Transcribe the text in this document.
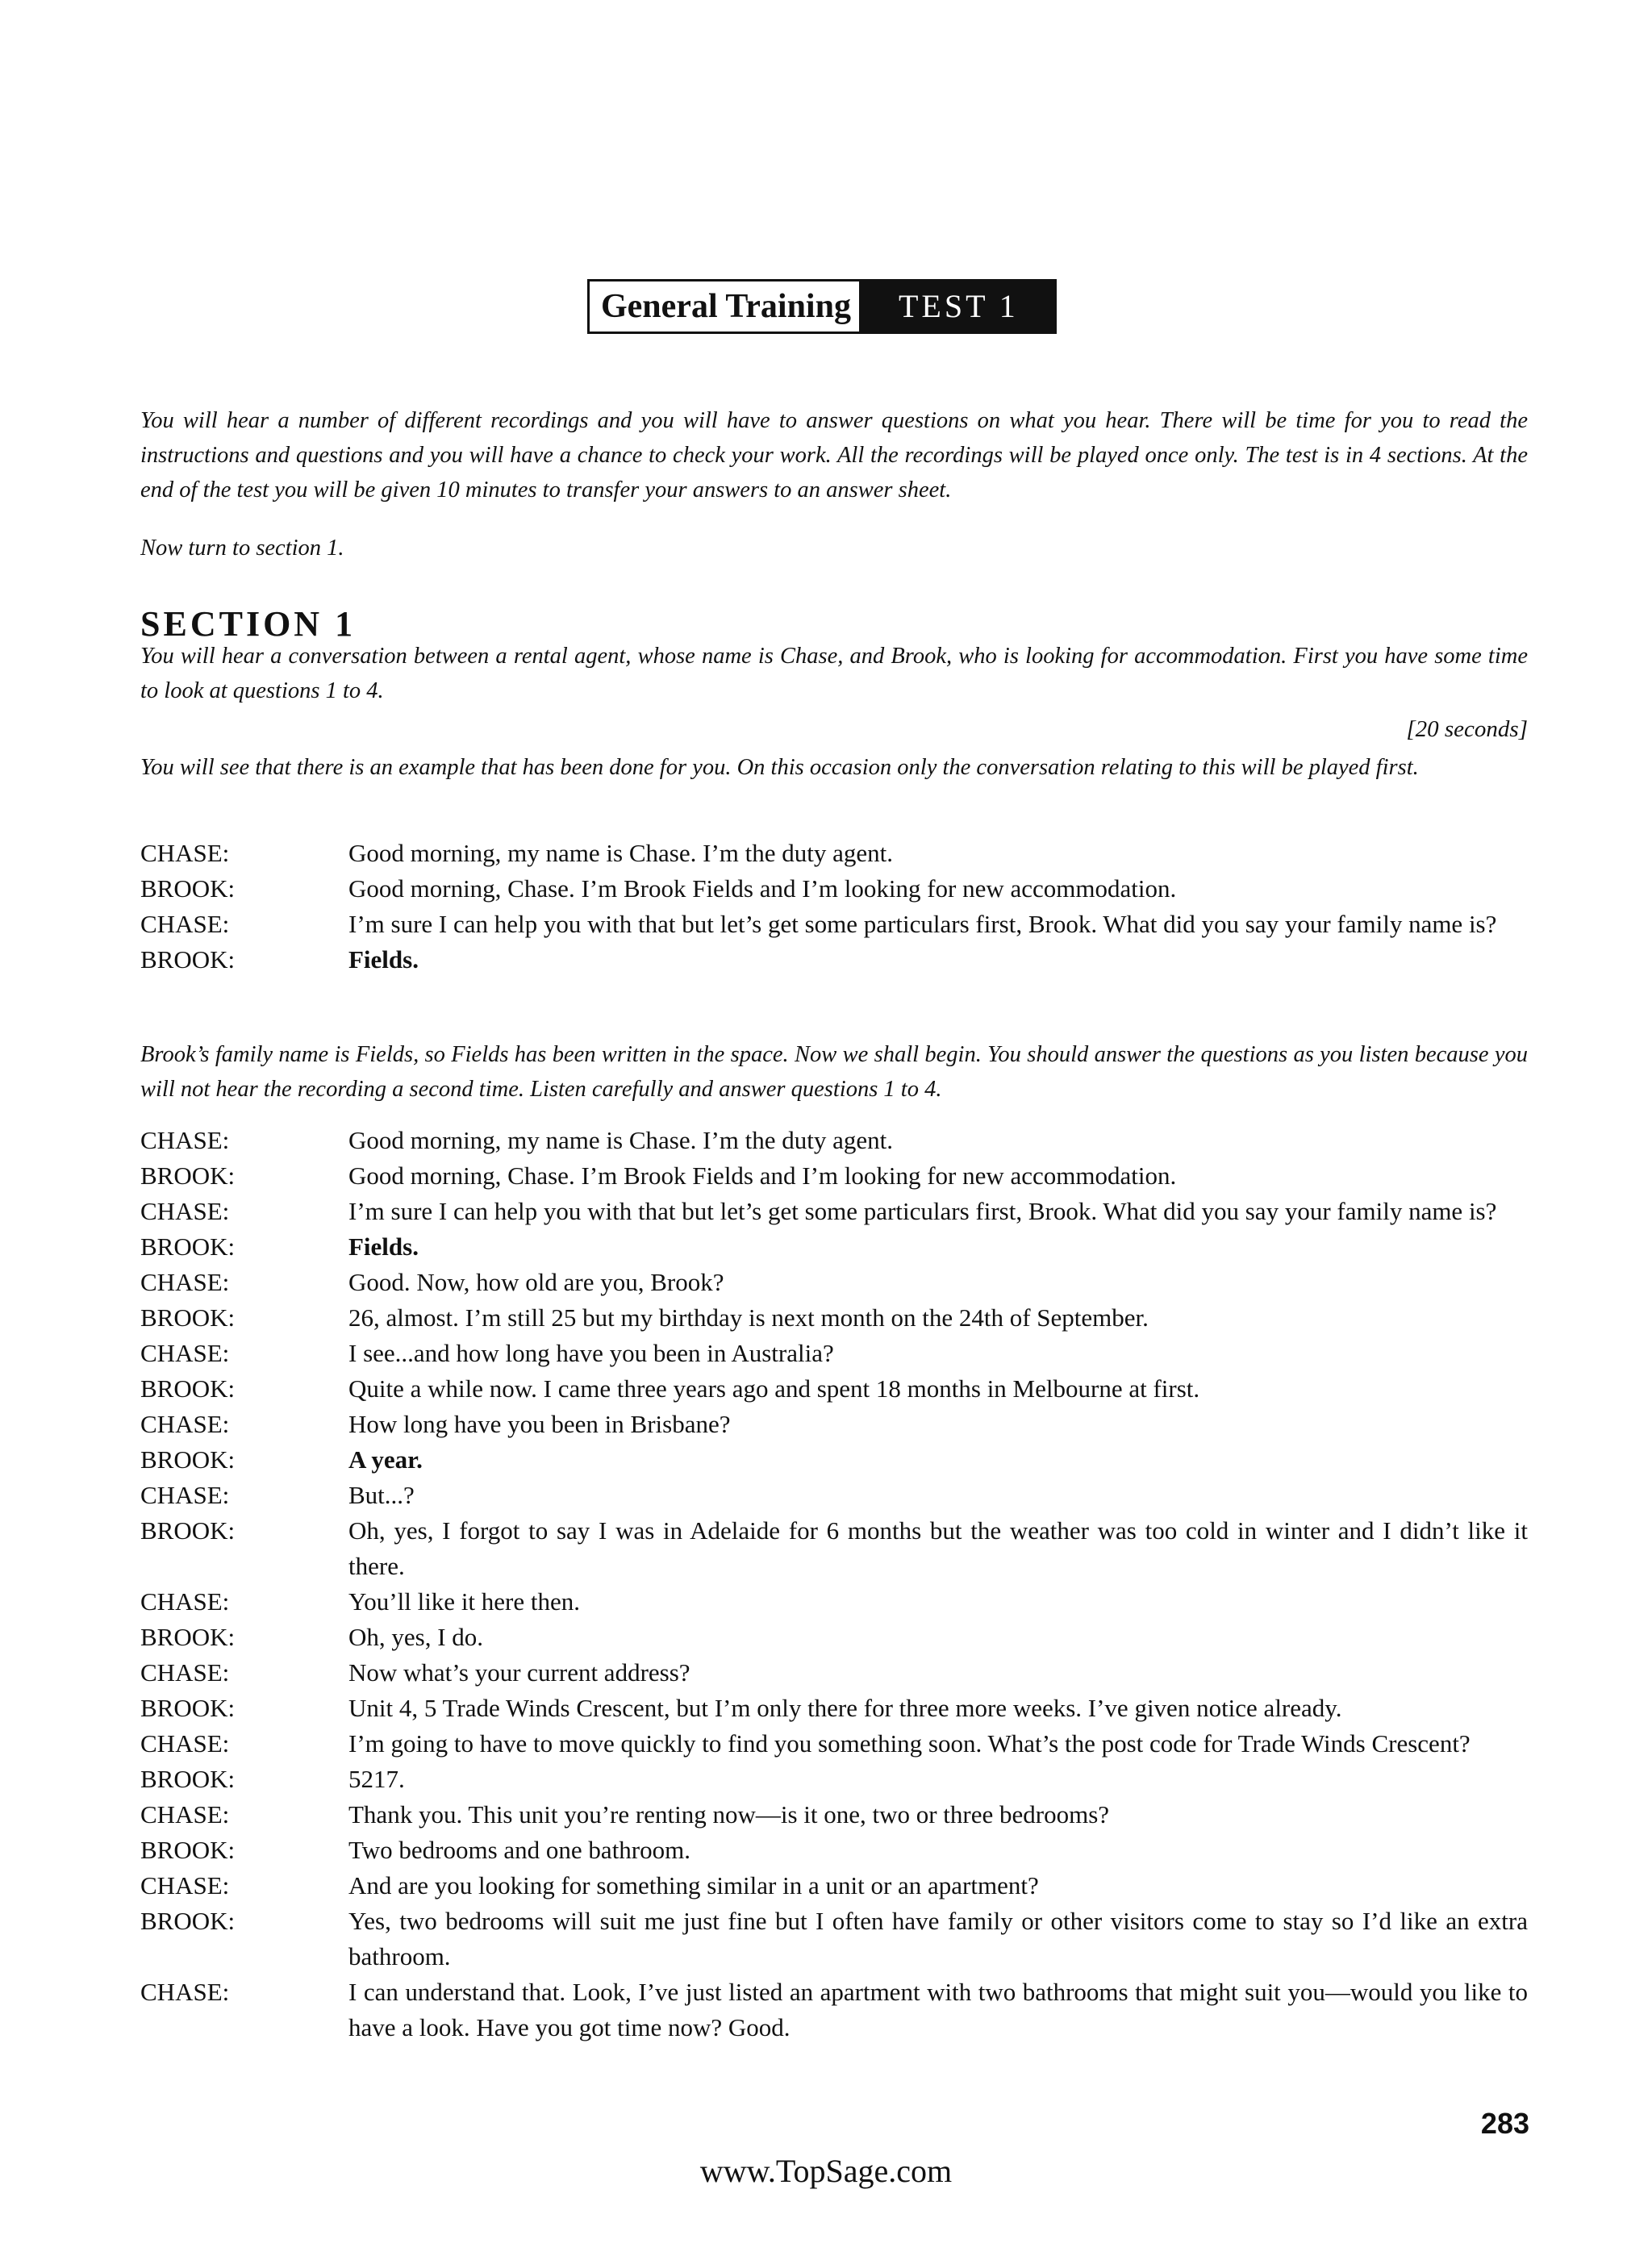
General Training	TEST 1
You will hear a number of different recordings and you will have to answer questions on what you hear. There will be time for you to read the instructions and questions and you will have a chance to check your work. All the recordings will be played once only. The test is in 4 sections. At the end of the test you will be given 10 minutes to transfer your answers to an answer sheet.
Now turn to section 1.
SECTION 1
You will hear a conversation between a rental agent, whose name is Chase, and Brook, who is looking for accommodation. First you have some time to look at questions 1 to 4.
[20 seconds]
You will see that there is an example that has been done for you. On this occasion only the conversation relating to this will be played first.
CHASE:	Good morning, my name is Chase. I’m the duty agent.
BROOK:	Good morning, Chase. I’m Brook Fields and I’m looking for new accommodation.
CHASE:	I’m sure I can help you with that but let’s get some particulars first, Brook. What did you say your family name is?
BROOK:	Fields.
Brook’s family name is Fields, so Fields has been written in the space. Now we shall begin. You should answer the questions as you listen because you will not hear the recording a second time. Listen carefully and answer questions 1 to 4.
CHASE:	Good morning, my name is Chase. I’m the duty agent.
BROOK:	Good morning, Chase. I’m Brook Fields and I’m looking for new accommodation.
CHASE:	I’m sure I can help you with that but let’s get some particulars first, Brook. What did you say your family name is?
BROOK:	Fields.
CHASE:	Good. Now, how old are you, Brook?
BROOK:	26, almost. I’m still 25 but my birthday is next month on the 24th of September.
CHASE:	I see...and how long have you been in Australia?
BROOK:	Quite a while now. I came three years ago and spent 18 months in Melbourne at first.
CHASE:	How long have you been in Brisbane?
BROOK:	A year.
CHASE:	But...?
BROOK:	Oh, yes, I forgot to say I was in Adelaide for 6 months but the weather was too cold in winter and I didn’t like it there.
CHASE:	You’ll like it here then.
BROOK:	Oh, yes, I do.
CHASE:	Now what’s your current address?
BROOK:	Unit 4, 5 Trade Winds Crescent, but I’m only there for three more weeks. I’ve given notice already.
CHASE:	I’m going to have to move quickly to find you something soon. What’s the post code for Trade Winds Crescent?
BROOK:	5217.
CHASE:	Thank you. This unit you’re renting now—is it one, two or three bedrooms?
BROOK:	Two bedrooms and one bathroom.
CHASE:	And are you looking for something similar in a unit or an apartment?
BROOK:	Yes, two bedrooms will suit me just fine but I often have family or other visitors come to stay so I’d like an extra bathroom.
CHASE:	I can understand that. Look, I’ve just listed an apartment with two bathrooms that might suit you—would you like to have a look. Have you got time now? Good.
283
www.TopSage.com
